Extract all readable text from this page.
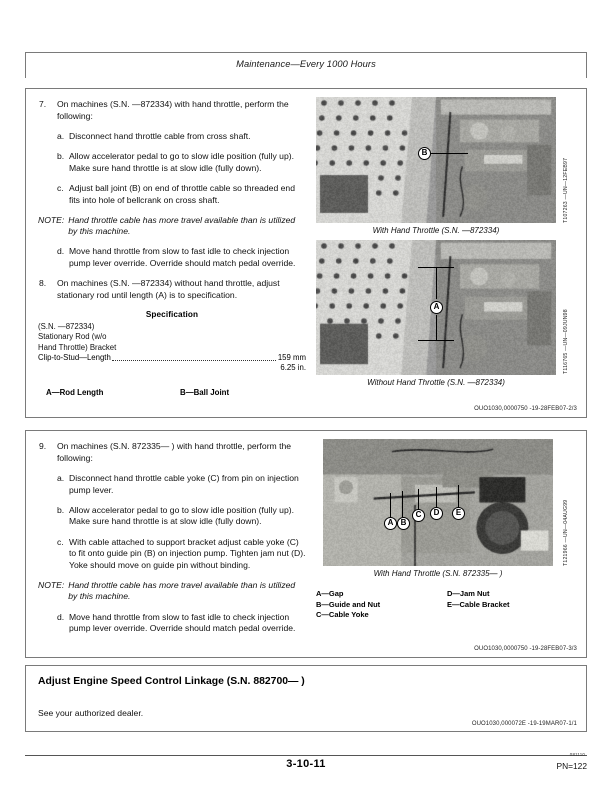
Maintenance—Every 1000 Hours
7.	On machines (S.N. —872334) with hand throttle, perform the following:
a. Disconnect hand throttle cable from cross shaft.
b. Allow accelerator pedal to go to slow idle position (fully up). Make sure hand throttle is at slow idle (fully down).
c. Adjust ball joint (B) on end of throttle cable so threaded end fits into hole of bellcrank on cross shaft.
NOTE: Hand throttle cable has more travel available than is utilized by this machine.
d. Move hand throttle from slow to fast idle to check injection pump lever override. Override should match pedal override.
8.	On machines (S.N. —872334) without hand throttle, adjust stationary rod until length (A) is to specification.
Specification
(S.N. —872334)
Stationary Rod (w/o
Hand Throttle) Bracket
Clip-to-Stud—Length	159 mm
6.25 in.
A—Rod Length	B—Ball Joint
B
With Hand Throttle (S.N. —872334)
T107263 —UN—12FEB97
A
Without Hand Throttle (S.N. —872334)
T116765 —UN—09JUN98
OUO1030,0000750 -19-28FEB07-2/3
9.	On machines (S.N. 872335— ) with hand throttle, perform the following:
a. Disconnect hand throttle cable yoke (C) from pin on injection pump lever.
b. Allow accelerator pedal to go to slow idle position (fully up). Make sure hand throttle is at slow idle (fully down).
c. With cable attached to support bracket adjust cable yoke (C) to fit onto guide pin (B) on injection pump. Tighten jam nut (D). Yoke should move on guide pin without binding.
NOTE: Hand throttle cable has more travel available than is utilized by this machine.
d. Move hand throttle from slow to fast idle to check injection pump lever override. Override should match pedal override.
A B
C	D	E
With Hand Throttle (S.N. 872335— )
T121966 —UN—04AUG99
A—Gap
B—Guide and Nut
C—Cable Yoke
D—Jam Nut
E—Cable Bracket
OUO1030,0000750 -19-28FEB07-3/3
Adjust Engine Speed Control Linkage (S.N. 882700— )
See your authorized dealer.
OUO1030,000072E -19-19MAR07-1/1
3-10-11
081110
PN=122
